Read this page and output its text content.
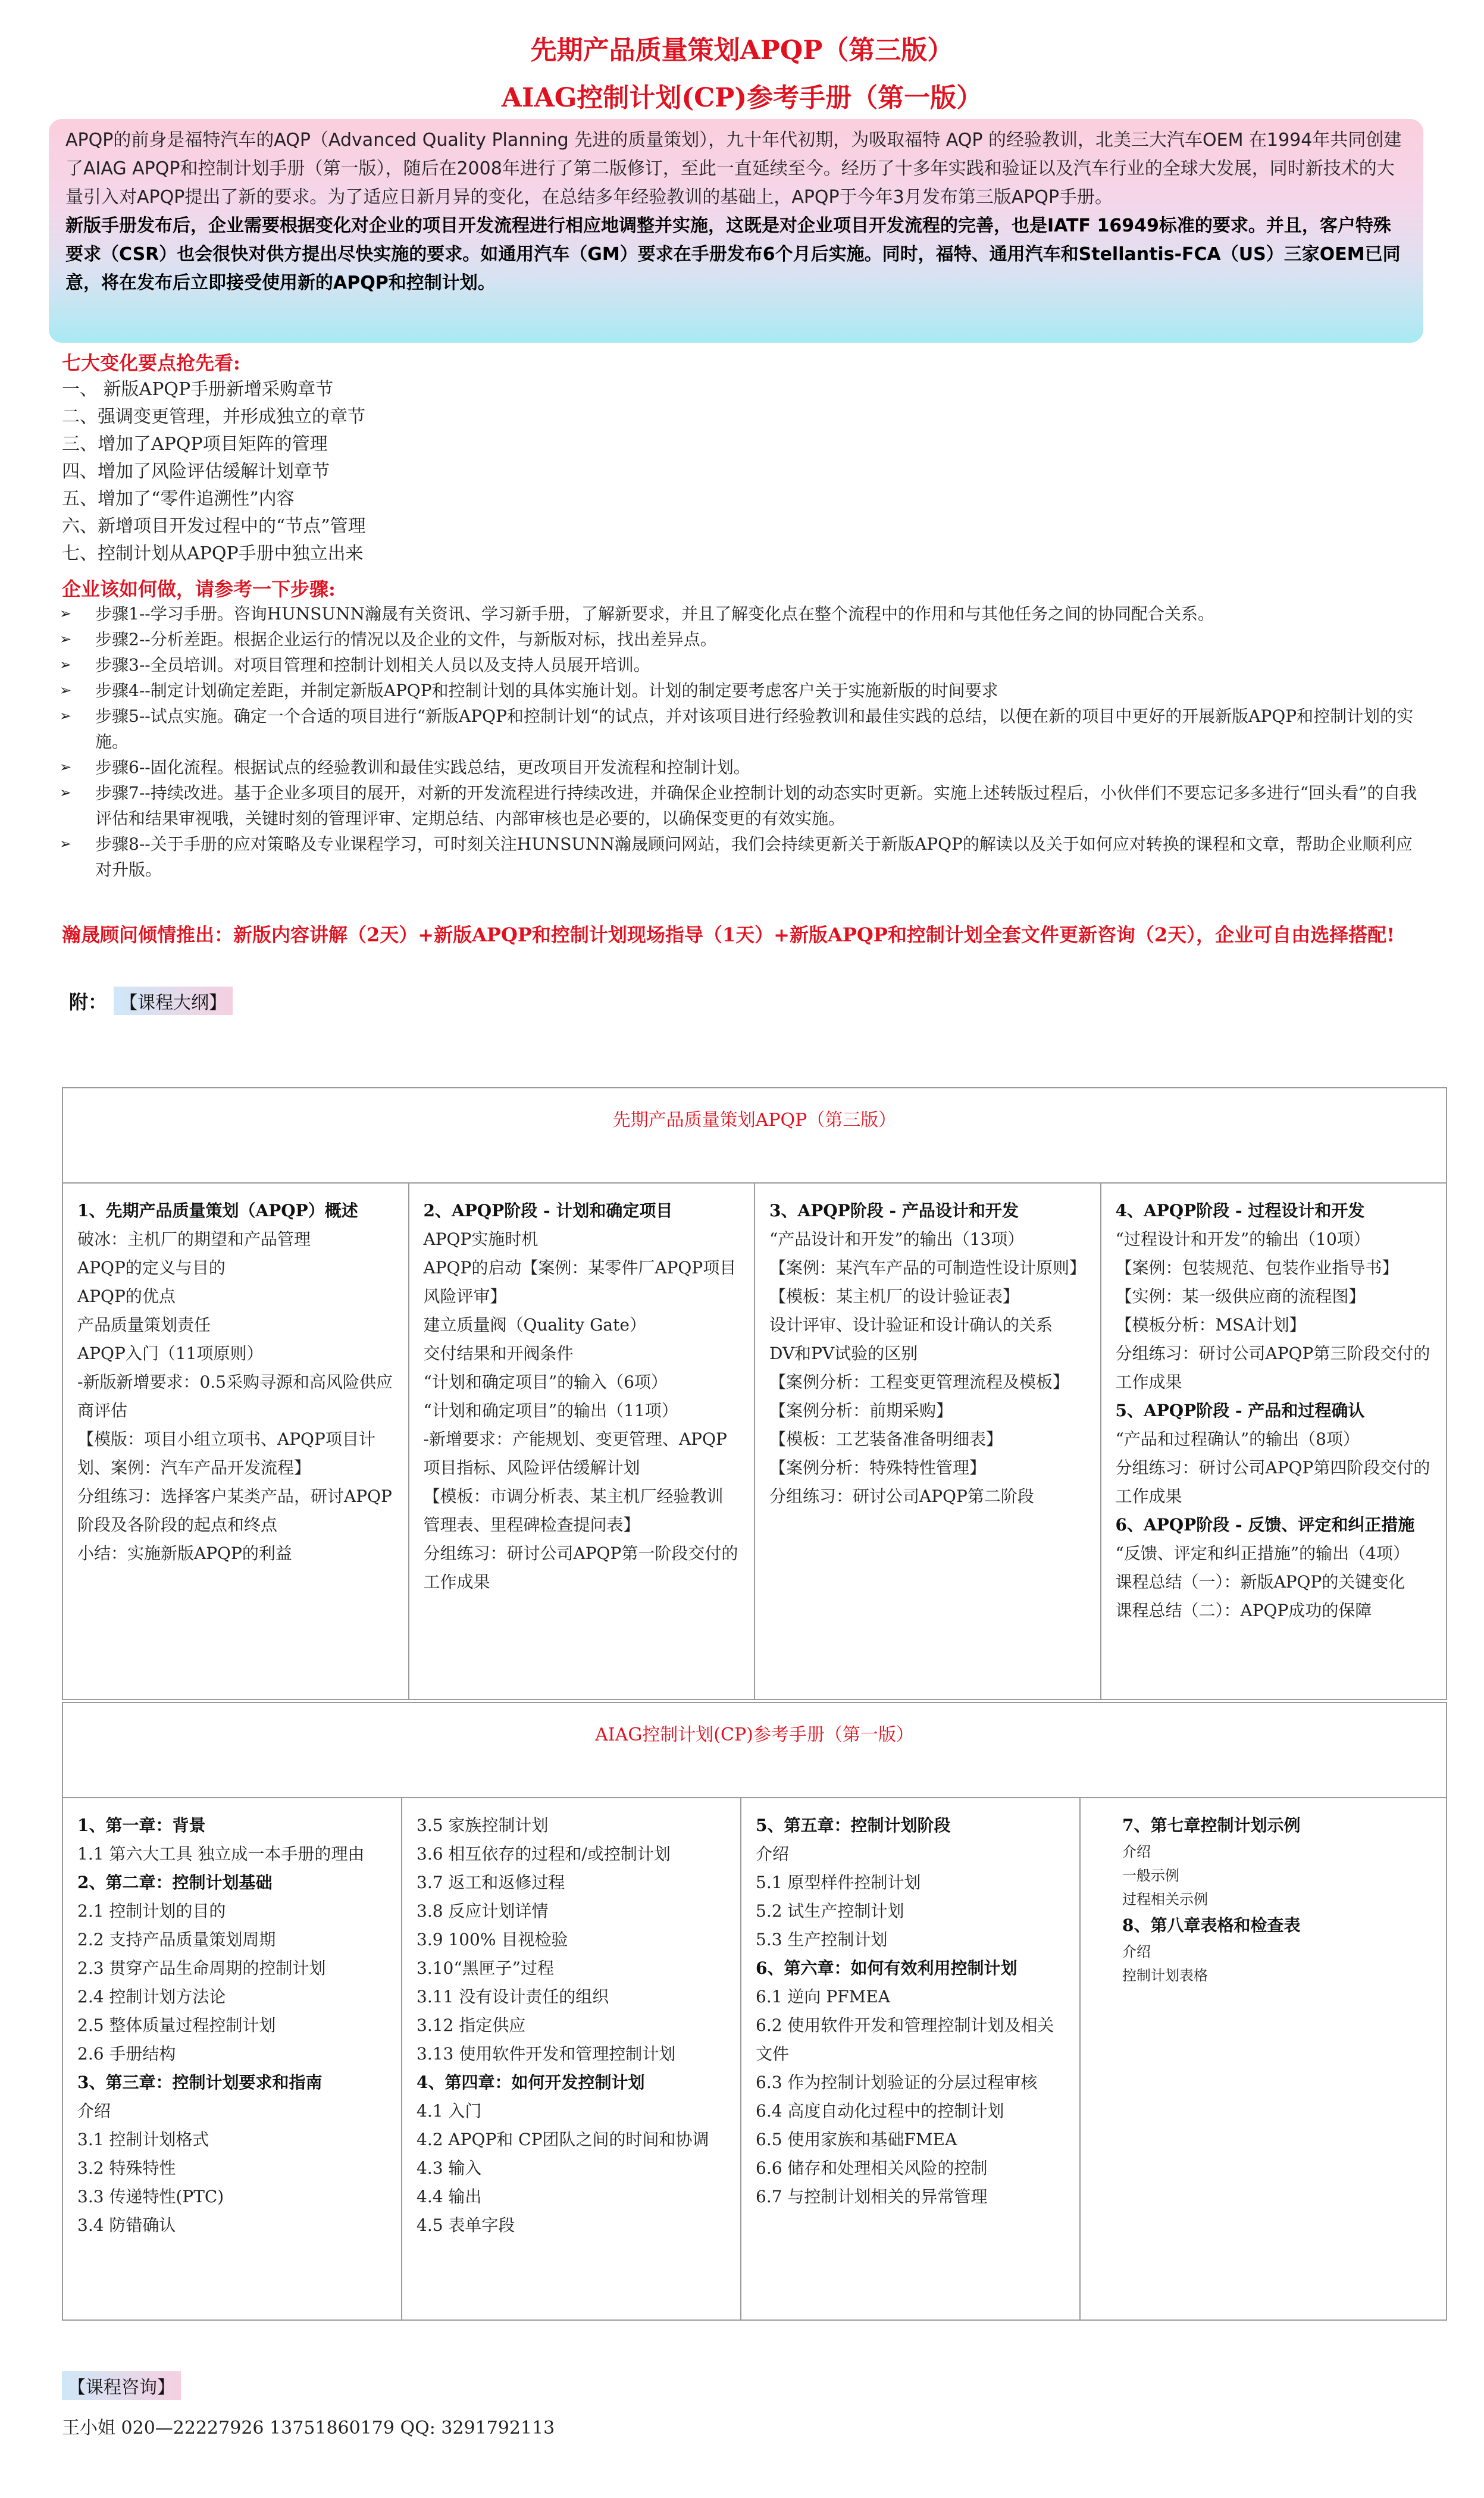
先期产品质量策划APQP（第三版）
AIAG控制计划(CP)参考手册（第一版）
APQP的前身是福特汽车的AQP（Advanced Quality Planning 先进的质量策划），九十年代初期，为吸取福特 AQP 的经验教训，北美三大汽车OEM 在1994年共同创建了AIAG APQP和控制计划手册（第一版），随后在2008年进行了第二版修订，至此一直延续至今。经历了十多年实践和验证以及汽车行业的全球大发展，同时新技术的大量引入对APQP提出了新的要求。为了适应日新月异的变化，在总结多年经验教训的基础上，APQP于今年3月发布第三版APQP手册。
新版手册发布后，企业需要根据变化对企业的项目开发流程进行相应地调整并实施，这既是对企业项目开发流程的完善，也是IATF 16949标准的要求。并且，客户特殊要求（CSR）也会很快对供方提出尽快实施的要求。如通用汽车（GM）要求在手册发布6个月后实施。同时，福特、通用汽车和Stellantis-FCA（US）三家OEM已同意，将在发布后立即接受使用新的APQP和控制计划。
七大变化要点抢先看:
一、 新版APQP手册新增采购章节
二、强调变更管理，并形成独立的章节
三、增加了APQP项目矩阵的管理
四、增加了风险评估缓解计划章节
五、增加了“零件追溯性”内容
六、新增项目开发过程中的“节点”管理
七、控制计划从APQP手册中独立出来
企业该如何做，请参考一下步骤:
➢ 步骤1--学习手册。咨询HUNSUNN瀚晟有关资讯、学习新手册，了解新要求，并且了解变化点在整个流程中的作用和与其他任务之间的协同配合关系。
➢ 步骤2--分析差距。根据企业运行的情况以及企业的文件，与新版对标，找出差异点。
➢ 步骤3--全员培训。对项目管理和控制计划相关人员以及支持人员展开培训。
➢ 步骤4--制定计划确定差距，并制定新版APQP和控制计划的具体实施计划。计划的制定要考虑客户关于实施新版的时间要求
➢ 步骤5--试点实施。确定一个合适的项目进行“新版APQP和控制计划“的试点，并对该项目进行经验教训和最佳实践的总结，以便在新的项目中更好的开展新版APQP和控制计划的实施。
➢ 步骤6--固化流程。根据试点的经验教训和最佳实践总结，更改项目开发流程和控制计划。
➢ 步骤7--持续改进。基于企业多项目的展开，对新的开发流程进行持续改进，并确保企业控制计划的动态实时更新。实施上述转版过程后，小伙伴们不要忘记多多进行“回头看”的自我评估和结果审视哦，关键时刻的管理评审、定期总结、内部审核也是必要的，以确保变更的有效实施。
➢ 步骤8--关于手册的应对策略及专业课程学习，可时刻关注HUNSUNN瀚晟顾问网站，我们会持续更新关于新版APQP的解读以及关于如何应对转换的课程和文章，帮助企业顺利应对升版。
瀚晟顾问倾情推出：新版内容讲解（2天）+新版APQP和控制计划现场指导（1天）+新版APQP和控制计划全套文件更新咨询（2天），企业可自由选择搭配!
附： 【课程大纲】
先期产品质量策划APQP（第三版）
1、先期产品质量策划（APQP）概述
破冰：主机厂的期望和产品管理
APQP的定义与目的
APQP的优点
产品质量策划责任
APQP入门（11项原则）
-新版新增要求：0.5采购寻源和高风险供应商评估
【模版：项目小组立项书、APQP项目计划、案例：汽车产品开发流程】
分组练习：选择客户某类产品，研讨APQP阶段及各阶段的起点和终点
小结：实施新版APQP的利益
2、APQP阶段 - 计划和确定项目
APQP实施时机
APQP的启动【案例：某零件厂APQP项目风险评审】
建立质量阀（Quality Gate）
交付结果和开阀条件
“计划和确定项目”的输入（6项）
“计划和确定项目”的输出（11项）
-新增要求：产能规划、变更管理、APQP项目指标、风险评估缓解计划
【模板：市调分析表、某主机厂经验教训管理表、里程碑检查提问表】
分组练习：研讨公司APQP第一阶段交付的工作成果
3、APQP阶段 - 产品设计和开发
“产品设计和开发”的输出（13项）
【案例：某汽车产品的可制造性设计原则】
【模板：某主机厂的设计验证表】
设计评审、设计验证和设计确认的关系
DV和PV试验的区别
【案例分析：工程变更管理流程及模板】
【案例分析：前期采购】
【模板：工艺装备准备明细表】
【案例分析：特殊特性管理】
分组练习：研讨公司APQP第二阶段
4、APQP阶段 - 过程设计和开发
“过程设计和开发”的输出（10项）
【案例：包装规范、包装作业指导书】
【实例：某一级供应商的流程图】
【模板分析：MSA计划】
分组练习：研讨公司APQP第三阶段交付的工作成果
5、APQP阶段 - 产品和过程确认
“产品和过程确认”的输出（8项）
分组练习：研讨公司APQP第四阶段交付的工作成果
6、APQP阶段 - 反馈、评定和纠正措施
“反馈、评定和纠正措施”的输出（4项）
课程总结（一）：新版APQP的关键变化
课程总结（二）：APQP成功的保障
AIAG控制计划(CP)参考手册（第一版）
1、第一章：背景
1.1 第六大工具 独立成一本手册的理由
2、第二章：控制计划基础
2.1 控制计划的目的
2.2 支持产品质量策划周期
2.3 贯穿产品生命周期的控制计划
2.4 控制计划方法论
2.5 整体质量过程控制计划
2.6 手册结构
3、第三章：控制计划要求和指南
介绍
3.1 控制计划格式
3.2 特殊特性
3.3 传递特性(PTC)
3.4 防错确认
3.5 家族控制计划
3.6 相互依存的过程和/或控制计划
3.7 返工和返修过程
3.8 反应计划详情
3.9 100% 目视检验
3.10“黑匣子”过程
3.11 没有设计责任的组织
3.12 指定供应
3.13 使用软件开发和管理控制计划
4、第四章：如何开发控制计划
4.1 入门
4.2 APQP和 CP团队之间的时间和协调
4.3 输入
4.4 输出
4.5 表单字段
5、第五章：控制计划阶段
介绍
5.1 原型样件控制计划
5.2 试生产控制计划
5.3 生产控制计划
6、第六章：如何有效利用控制计划
6.1 逆向 PFMEA
6.2 使用软件开发和管理控制计划及相关文件
6.3 作为控制计划验证的分层过程审核
6.4 高度自动化过程中的控制计划
6.5 使用家族和基础FMEA
6.6 储存和处理相关风险的控制
6.7 与控制计划相关的异常管理
7、第七章控制计划示例
介绍
一般示例
过程相关示例
8、第八章表格和检查表
介绍
控制计划表格
【课程咨询】
王小姐 020—22227926 13751860179 QQ: 3291792113
